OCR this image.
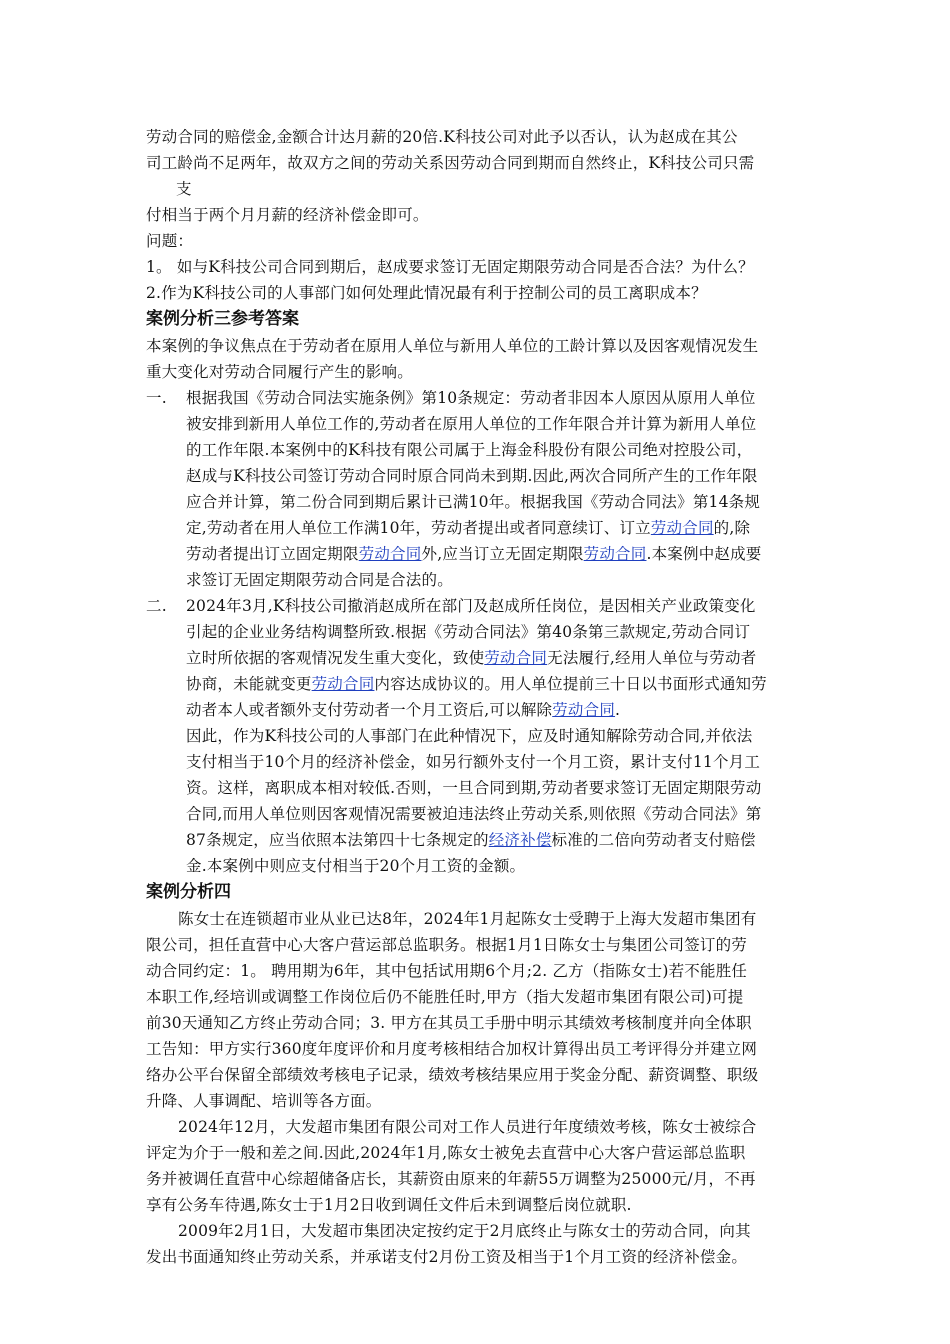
劳动合同的赔偿金,金额合计达月薪的20倍.K科技公司对此予以否认，认为赵成在其公
司工龄尚不足两年，故双方之间的劳动关系因劳动合同到期而自然终止，K科技公司只需
支
付相当于两个月月薪的经济补偿金即可。
问题：
1。 如与K科技公司合同到期后，赵成要求签订无固定期限劳动合同是否合法？为什么？
2.作为K科技公司的人事部门如何处理此情况最有利于控制公司的员工离职成本？
案例分析三参考答案
本案例的争议焦点在于劳动者在原用人单位与新用人单位的工龄计算以及因客观情况发生
重大变化对劳动合同履行产生的影响。
一. 根据我国《劳动合同法实施条例》第10条规定：劳动者非因本人原因从原用人单位
被安排到新用人单位工作的,劳动者在原用人单位的工作年限合并计算为新用人单位
的工作年限.本案例中的K科技有限公司属于上海金科股份有限公司绝对控股公司，
赵成与K科技公司签订劳动合同时原合同尚未到期.因此,两次合同所产生的工作年限
应合并计算，第二份合同到期后累计已满10年。根据我国《劳动合同法》第14条规
定,劳动者在用人单位工作满10年，劳动者提出或者同意续订、订立劳动合同的,除
劳动者提出订立固定期限劳动合同外,应当订立无固定期限劳动合同.本案例中赵成要
求签订无固定期限劳动合同是合法的。
二. 2024年3月,K科技公司撤消赵成所在部门及赵成所任岗位，是因相关产业政策变化
引起的企业业务结构调整所致.根据《劳动合同法》第40条第三款规定,劳动合同订
立时所依据的客观情况发生重大变化，致使劳动合同无法履行,经用人单位与劳动者
协商，未能就变更劳动合同内容达成协议的。用人单位提前三十日以书面形式通知劳
动者本人或者额外支付劳动者一个月工资后,可以解除劳动合同.
因此，作为K科技公司的人事部门在此种情况下，应及时通知解除劳动合同,并依法
支付相当于10个月的经济补偿金，如另行额外支付一个月工资，累计支付11个月工
资。这样，离职成本相对较低.否则，一旦合同到期,劳动者要求签订无固定期限劳动
合同,而用人单位则因客观情况需要被迫违法终止劳动关系,则依照《劳动合同法》第
87条规定，应当依照本法第四十七条规定的经济补偿标准的二倍向劳动者支付赔偿
金.本案例中则应支付相当于20个月工资的金额。
案例分析四
陈女士在连锁超市业从业已达8年，2024年1月起陈女士受聘于上海大发超市集团有
限公司，担任直营中心大客户营运部总监职务。根据1月1日陈女士与集团公司签订的劳
动合同约定：1。 聘用期为6年，其中包括试用期6个月;2. 乙方（指陈女士)若不能胜任
本职工作,经培训或调整工作岗位后仍不能胜任时,甲方（指大发超市集团有限公司)可提
前30天通知乙方终止劳动合同；3. 甲方在其员工手册中明示其绩效考核制度并向全体职
工告知：甲方实行360度年度评价和月度考核相结合加权计算得出员工考评得分并建立网
络办公平台保留全部绩效考核电子记录，绩效考核结果应用于奖金分配、薪资调整、职级
升降、人事调配、培训等各方面。
2024年12月，大发超市集团有限公司对工作人员进行年度绩效考核，陈女士被综合
评定为介于一般和差之间.因此,2024年1月,陈女士被免去直营中心大客户营运部总监职
务并被调任直营中心综超储备店长，其薪资由原来的年薪55万调整为25000元/月，不再
享有公务车待遇,陈女士于1月2日收到调任文件后未到调整后岗位就职.
2009年2月1日，大发超市集团决定按约定于2月底终止与陈女士的劳动合同，向其
发出书面通知终止劳动关系，并承诺支付2月份工资及相当于1个月工资的经济补偿金。
